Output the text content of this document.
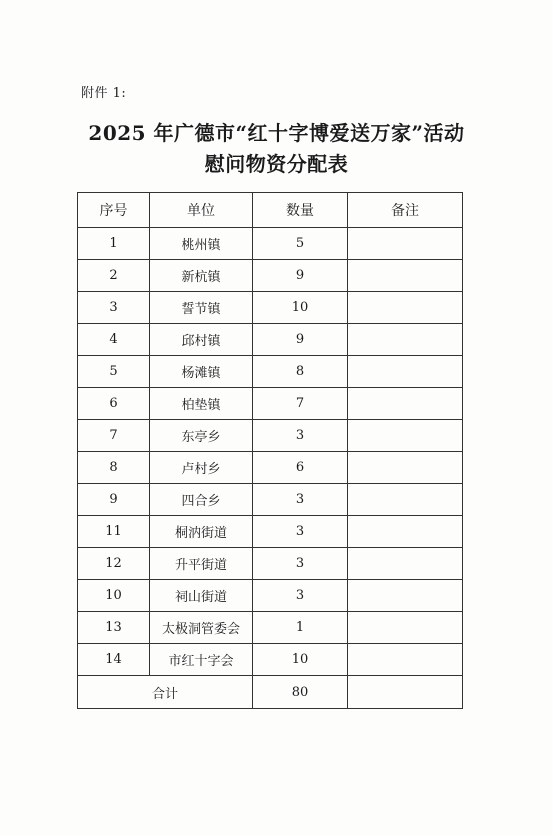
附件 1:
2025 年广德市“红十字博爱送万家”活动
慰问物资分配表
序号	单位	数量	备注
1	桃州镇	5	
2	新杭镇	9	
3	誓节镇	10	
4	邱村镇	9	
5	杨滩镇	8	
6	柏垫镇	7	
7	东亭乡	3	
8	卢村乡	6	
9	四合乡	3	
11	桐汭街道	3	
12	升平街道	3	
10	祠山街道	3	
13	太极洞管委会	1	
14	市红十字会	10	
合计		80	
